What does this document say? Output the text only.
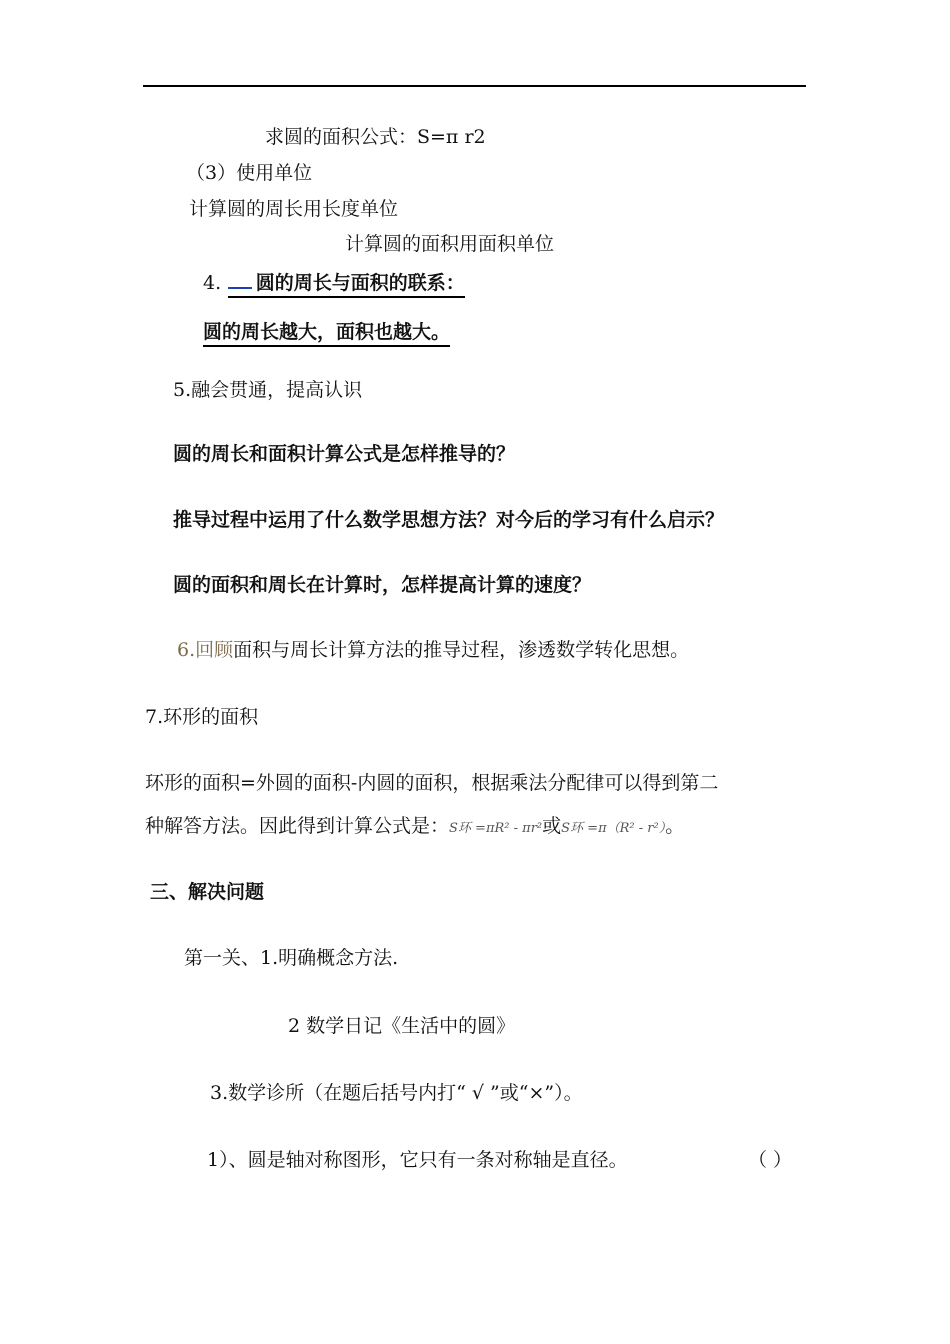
求圆的面积公式：S=π r2
（3）使用单位
计算圆的周长用长度单位
计算圆的面积用面积单位
4. 圆的周长与面积的联系：
圆的周长越大，面积也越大。
5.融会贯通，提高认识
圆的周长和面积计算公式是怎样推导的？
推导过程中运用了什么数学思想方法？对今后的学习有什么启示？
圆的面积和周长在计算时，怎样提高计算的速度？
6.回顾面积与周长计算方法的推导过程，渗透数学转化思想。
7.环形的面积
环形的面积=外圆的面积-内圆的面积，根据乘法分配律可以得到第二
种解答方法。因此得到计算公式是：S环 =πR² - πr²或S环 =π（R² - r²）。
三、解决问题
第一关、1.明确概念方法.
2 数学日记《生活中的圆》
3.数学诊所（在题后括号内打“ √ ”或“×”）。
1）、圆是轴对称图形，它只有一条对称轴是直径。	（ ）
